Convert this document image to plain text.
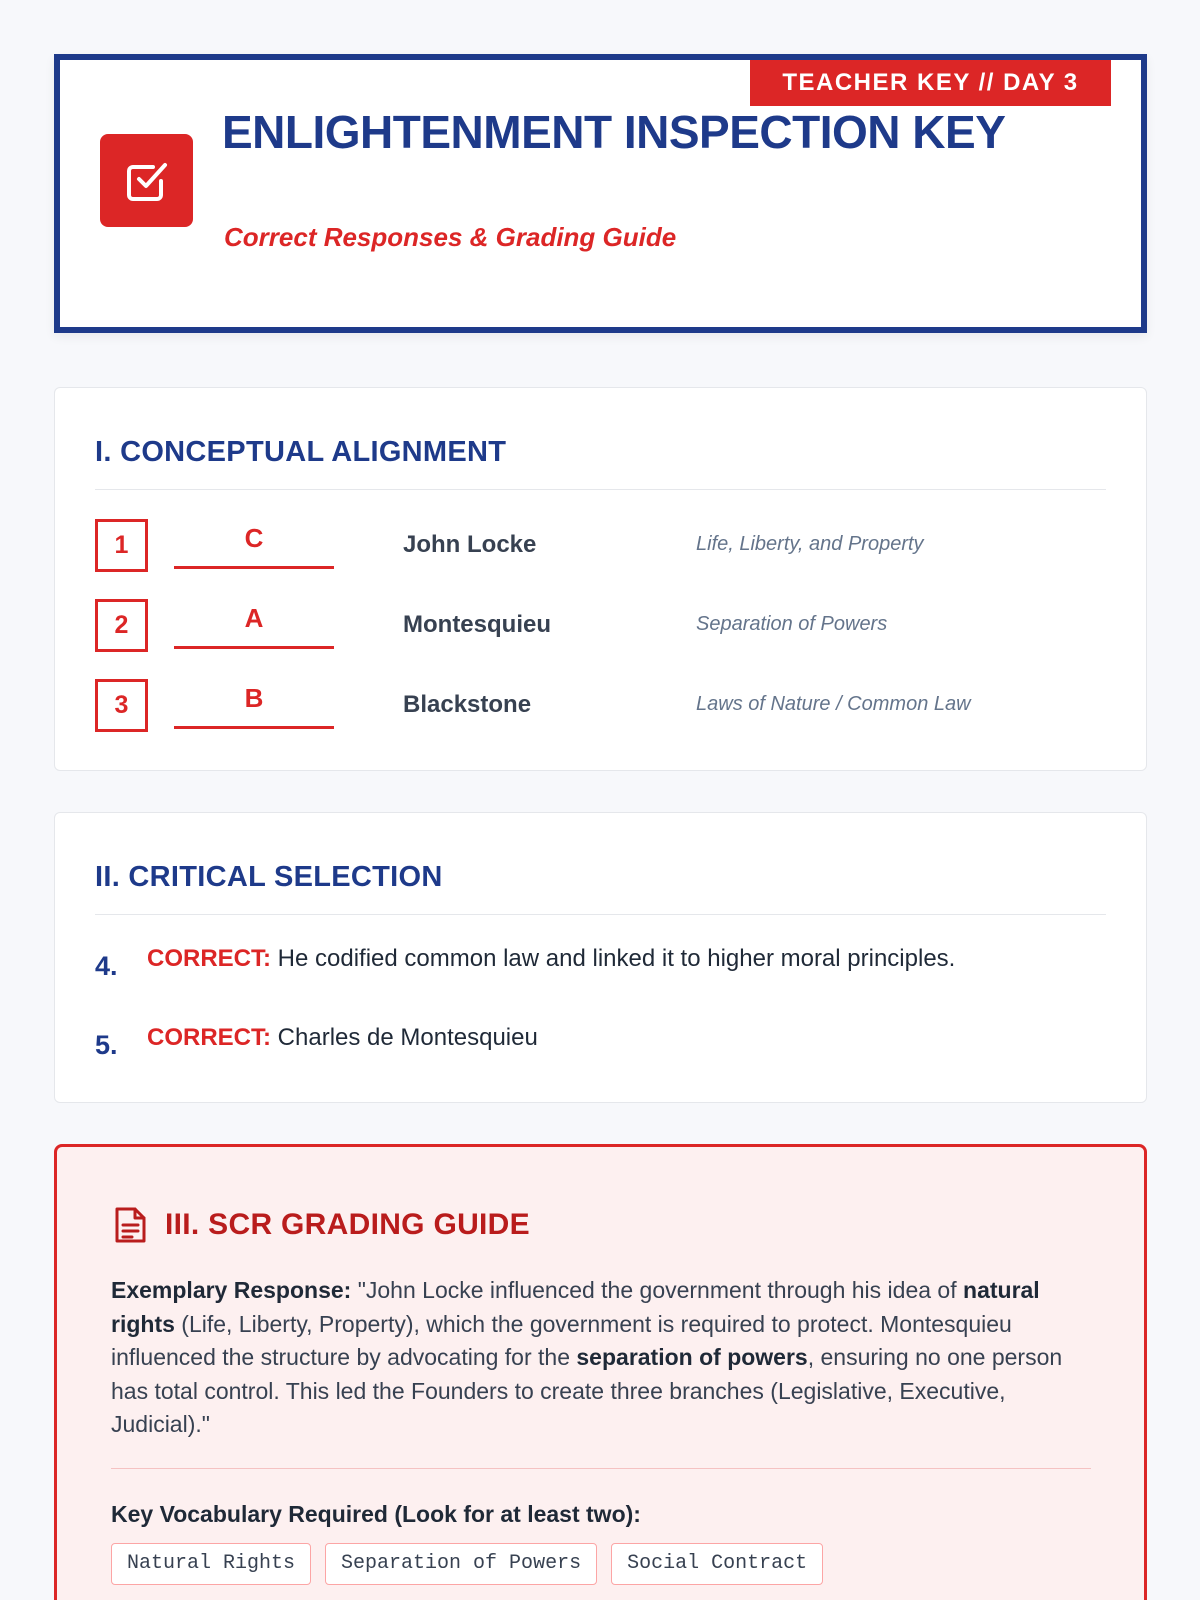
TEACHER KEY // DAY 3
ENLIGHTENMENT INSPECTION KEY
Correct Responses & Grading Guide
I. CONCEPTUAL ALIGNMENT
1	C	John Locke	Life, Liberty, and Property
2	A	Montesquieu	Separation of Powers
3	B	Blackstone	Laws of Nature / Common Law
II. CRITICAL SELECTION
4. CORRECT: He codified common law and linked it to higher moral principles.
5. CORRECT: Charles de Montesquieu
III. SCR GRADING GUIDE
Exemplary Response: "John Locke influenced the government through his idea of natural rights (Life, Liberty, Property), which the government is required to protect. Montesquieu influenced the structure by advocating for the separation of powers, ensuring no one person has total control. This led the Founders to create three branches (Legislative, Executive, Judicial)."
Key Vocabulary Required (Look for at least two):
Natural Rights	Separation of Powers	Social Contract
